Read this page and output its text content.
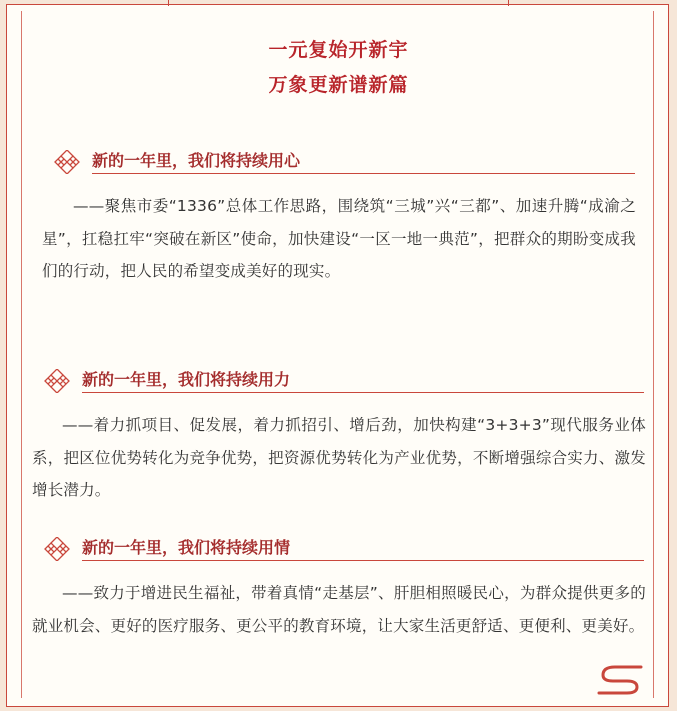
一元复始开新宇
万象更新谱新篇
新的一年里，我们将持续用心
——聚焦市委“1336”总体工作思路，围绕筑“三城”兴“三都”、加速升腾“成渝之星”，扛稳扛牢“突破在新区”使命，加快建设“一区一地一典范”，把群众的期盼变成我们的行动，把人民的希望变成美好的现实。
新的一年里，我们将持续用力
——着力抓项目、促发展，着力抓招引、增后劲，加快构建“3+3+3”现代服务业体系，把区位优势转化为竞争优势，把资源优势转化为产业优势，不断增强综合实力、激发增长潜力。
新的一年里，我们将持续用情
——致力于增进民生福祉，带着真情“走基层”、肝胆相照暖民心，为群众提供更多的就业机会、更好的医疗服务、更公平的教育环境，让大家生活更舒适、更便利、更美好。
